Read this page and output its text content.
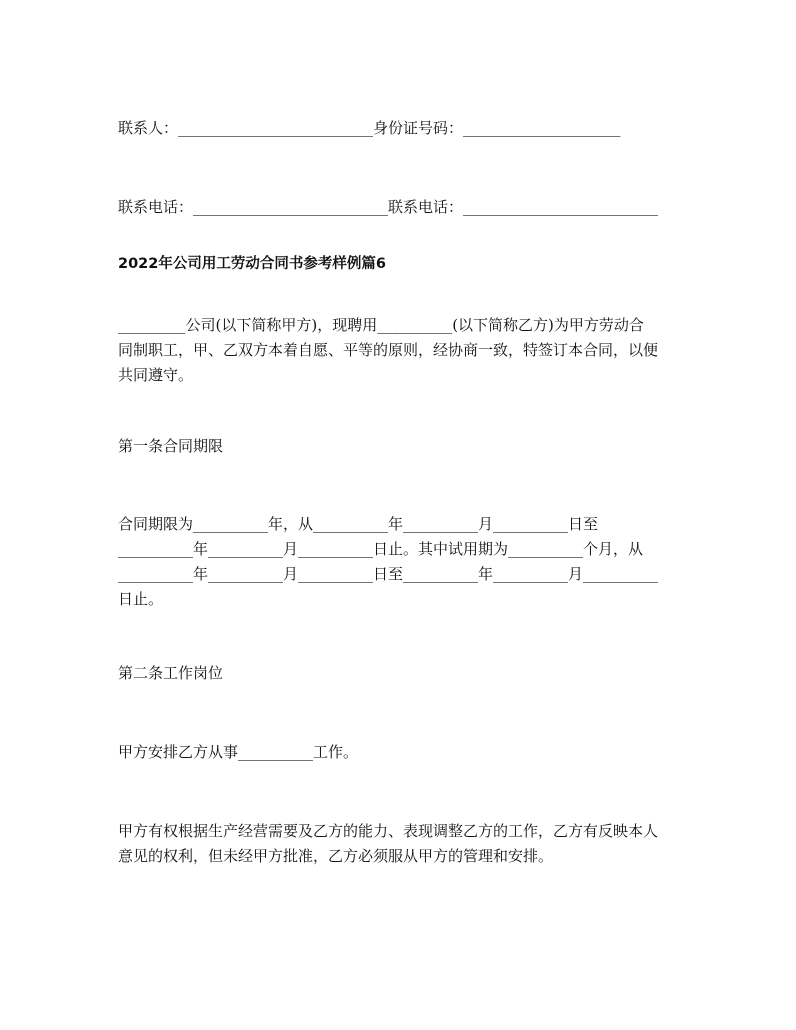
联系人：__________________________身份证号码：_____________________

联系电话：__________________________联系电话：__________________________

2022年公司用工劳动合同书参考样例篇6

_________公司(以下简称甲方)，现聘用__________(以下简称乙方)为甲方劳动合

同制职工，甲、乙双方本着自愿、平等的原则，经协商一致，特签订本合同，以便

共同遵守。

第一条合同期限

合同期限为__________年，从__________年__________月__________日至

__________年__________月__________日止。其中试用期为__________个月，从

__________年__________月__________日至__________年__________月__________

日止。

第二条工作岗位

甲方安排乙方从事__________工作。

甲方有权根据生产经营需要及乙方的能力、表现调整乙方的工作，乙方有反映本人

意见的权利，但未经甲方批准，乙方必须服从甲方的管理和安排。
